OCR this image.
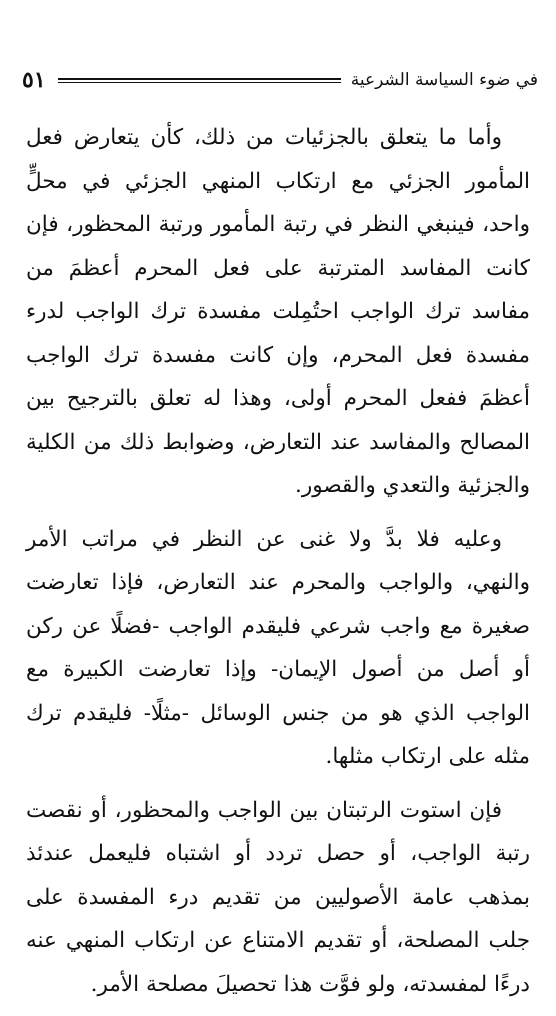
في ضوء السياسة الشرعية
٥١

وأما ما يتعلق بالجزئيات من ذلك، كأن يتعارض فعل المأمور الجزئي مع ارتكاب المنهي الجزئي في محلٍّ واحد، فينبغي النظر في رتبة المأمور ورتبة المحظور، فإن كانت المفاسد المترتبة على فعل المحرم أعظمَ من مفاسد ترك الواجب احتُمِلت مفسدة ترك الواجب لدرء مفسدة فعل المحرم، وإن كانت مفسدة ترك الواجب أعظمَ ففعل المحرم أولى، وهذا له تعلق بالترجيح بين المصالح والمفاسد عند التعارض، وضوابط ذلك من الكلية والجزئية والتعدي والقصور.

وعليه فلا بدَّ ولا غنى عن النظر في مراتب الأمر والنهي، والواجب والمحرم عند التعارض، فإذا تعارضت صغيرة مع واجب شرعي فليقدم الواجب -فضلًا عن ركن أو أصل من أصول الإيمان- وإذا تعارضت الكبيرة مع الواجب الذي هو من جنس الوسائل -مثلًا- فليقدم ترك مثله على ارتكاب مثلها.

فإن استوت الرتبتان بين الواجب والمحظور، أو نقصت رتبة الواجب، أو حصل تردد أو اشتباه فليعمل عندئذ بمذهب عامة الأصوليين من تقديم درء المفسدة على جلب المصلحة، أو تقديم الامتناع عن ارتكاب المنهي عنه درءًا لمفسدته، ولو فوَّت هذا تحصيلَ مصلحة الأمر.
